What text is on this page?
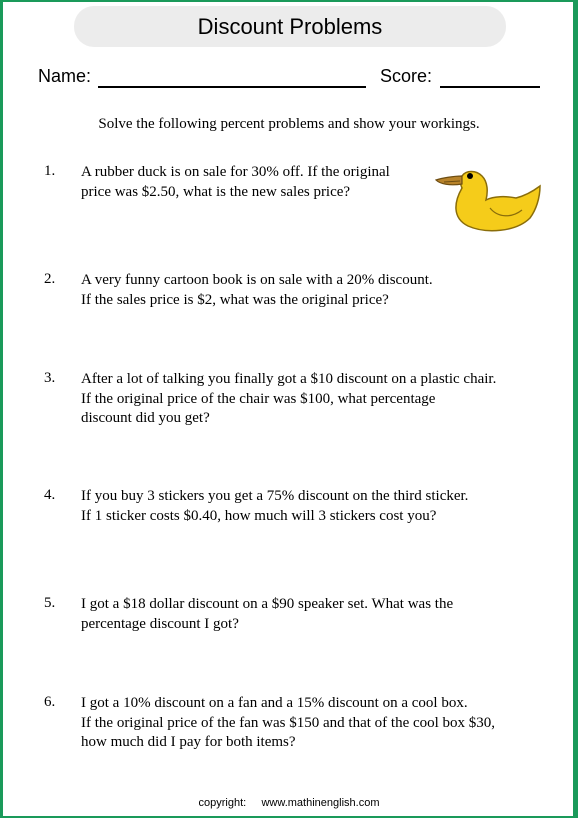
Discount Problems
Name:	Score:
Solve the following percent problems and show your workings.
1. A rubber duck is on sale for 30% off. If the original
price was $2.50, what is the new sales price?
2. A very funny cartoon book is on sale with a 20% discount.
If the sales price is $2, what was the original price?
3. After a lot of talking you finally got a $10 discount on a plastic chair.
If the original price of the chair was $100, what percentage
discount did you get?
4. If you buy 3 stickers you get a 75% discount on the third sticker.
If 1 sticker costs $0.40, how much will 3 stickers cost you?
5. I got a $18 dollar discount on a $90 speaker set. What was the
percentage discount I got?
6. I got a 10% discount on a fan and a 15% discount on a cool box.
If the original price of the fan was $150 and that of the cool box $30,
how much did I pay for both items?
copyright: www.mathinenglish.com
